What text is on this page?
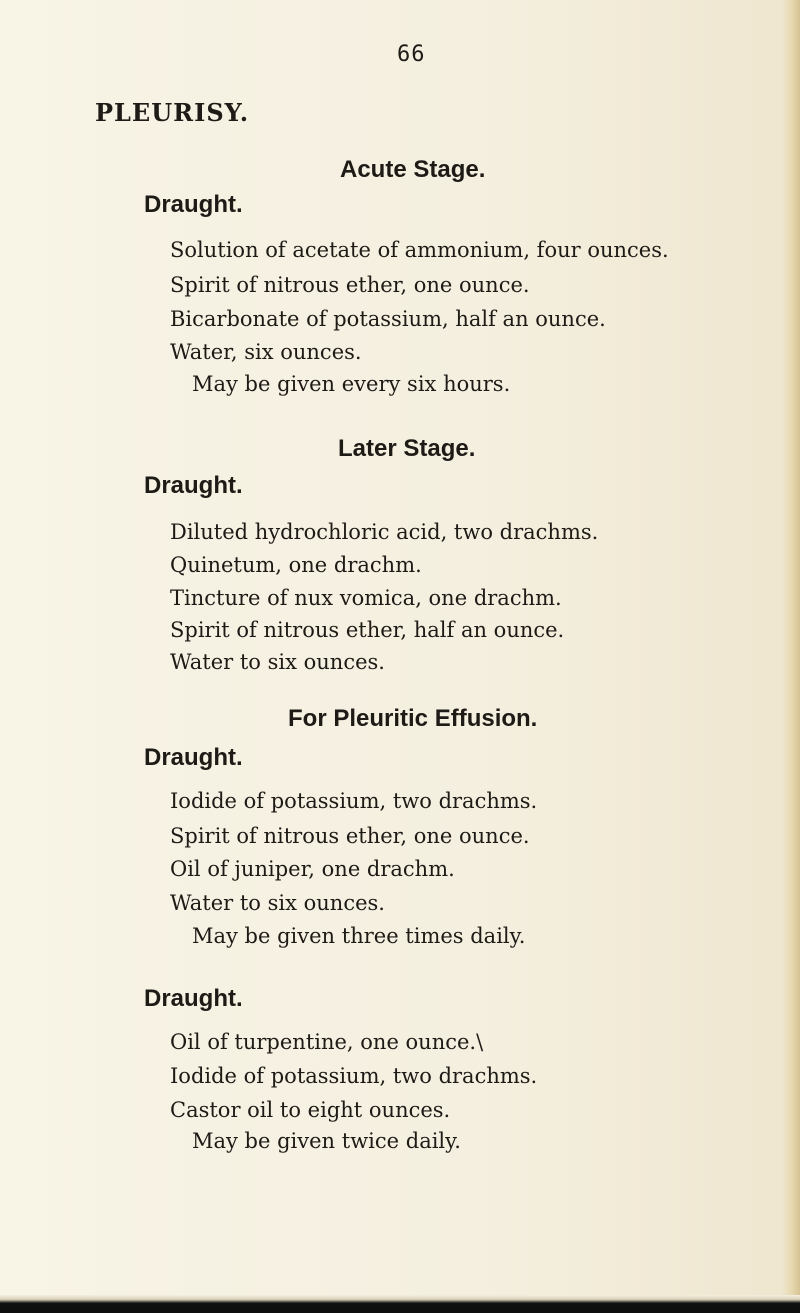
66
PLEURISY.
Acute Stage.
Draught.
Solution of acetate of ammonium, four ounces.
Spirit of nitrous ether, one ounce.
Bicarbonate of potassium, half an ounce.
Water, six ounces.
May be given every six hours.
Later Stage.
Draught.
Diluted hydrochloric acid, two drachms.
Quinetum, one drachm.
Tincture of nux vomica, one drachm.
Spirit of nitrous ether, half an ounce.
Water to six ounces.
For Pleuritic Effusion.
Draught.
Iodide of potassium, two drachms.
Spirit of nitrous ether, one ounce.
Oil of juniper, one drachm.
Water to six ounces.
May be given three times daily.
Draught.
Oil of turpentine, one ounce.\
Iodide of potassium, two drachms.
Castor oil to eight ounces.
May be given twice daily.
